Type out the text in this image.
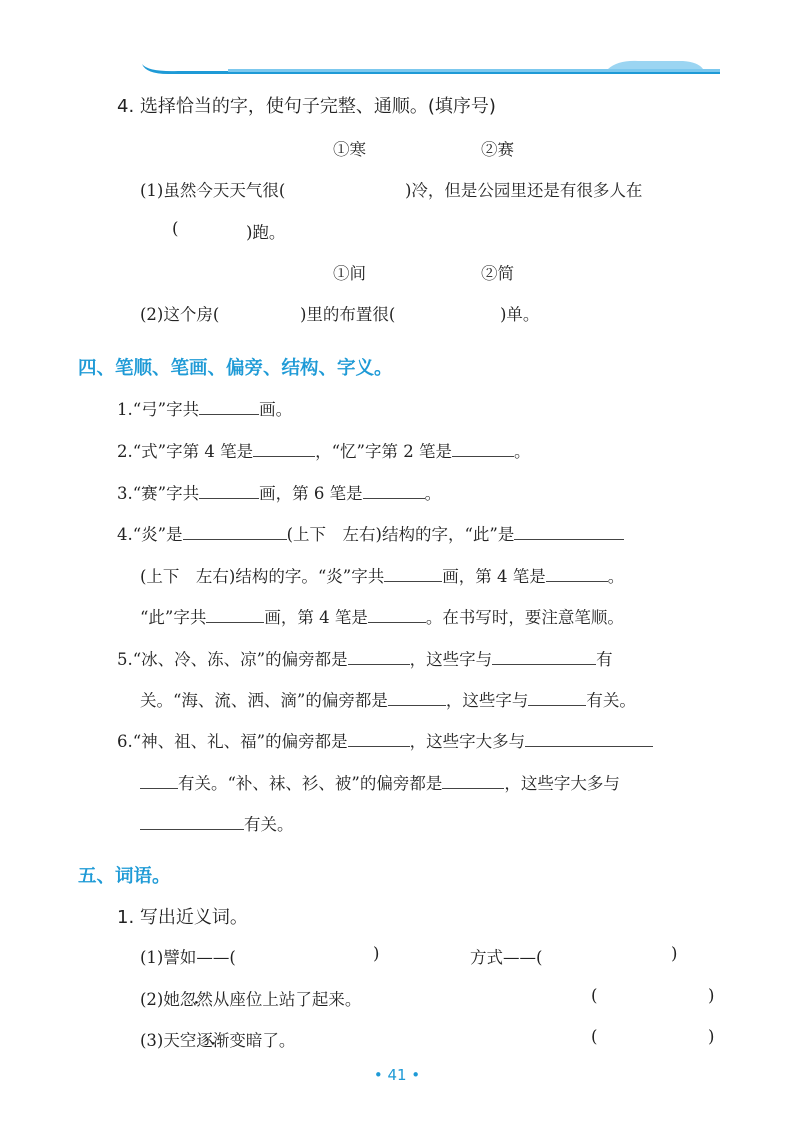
4. 选择恰当的字，使句子完整、通顺。(填序号)
①寒	②赛
(1)虽然今天天气很(	)冷，但是公园里还是有很多人在
(	)跑。
①间	②简
(2)这个房(	)里的布置很(	)单。
四、笔顺、笔画、偏旁、结构、字义。
1.“弓”字共	画。
2.“式”字第 4 笔是	，“忆”字第 2 笔是	。
3.“赛”字共	画，第 6 笔是	。
4.“炎”是	(上下　左右)结构的字，“此”是
(上下　左右)结构的字。“炎”字共	画，第 4 笔是	。
“此”字共	画，第 4 笔是	。在书写时，要注意笔顺。
5.“冰、冷、冻、凉”的偏旁都是	，这些字与	有
关。“海、流、洒、滴”的偏旁都是	，这些字与	有关。
6.“神、祖、礼、福”的偏旁都是	，这些字大多与
有关。“补、袜、衫、被”的偏旁都是	，这些字大多与
有关。
五、词语。
1. 写出近义词。
(1)譬如——(	)	方式——(	)
(2)她忽然从座位上站了起来。	(	)
(3)天空逐渐变暗了。	(	)
• 41 •
